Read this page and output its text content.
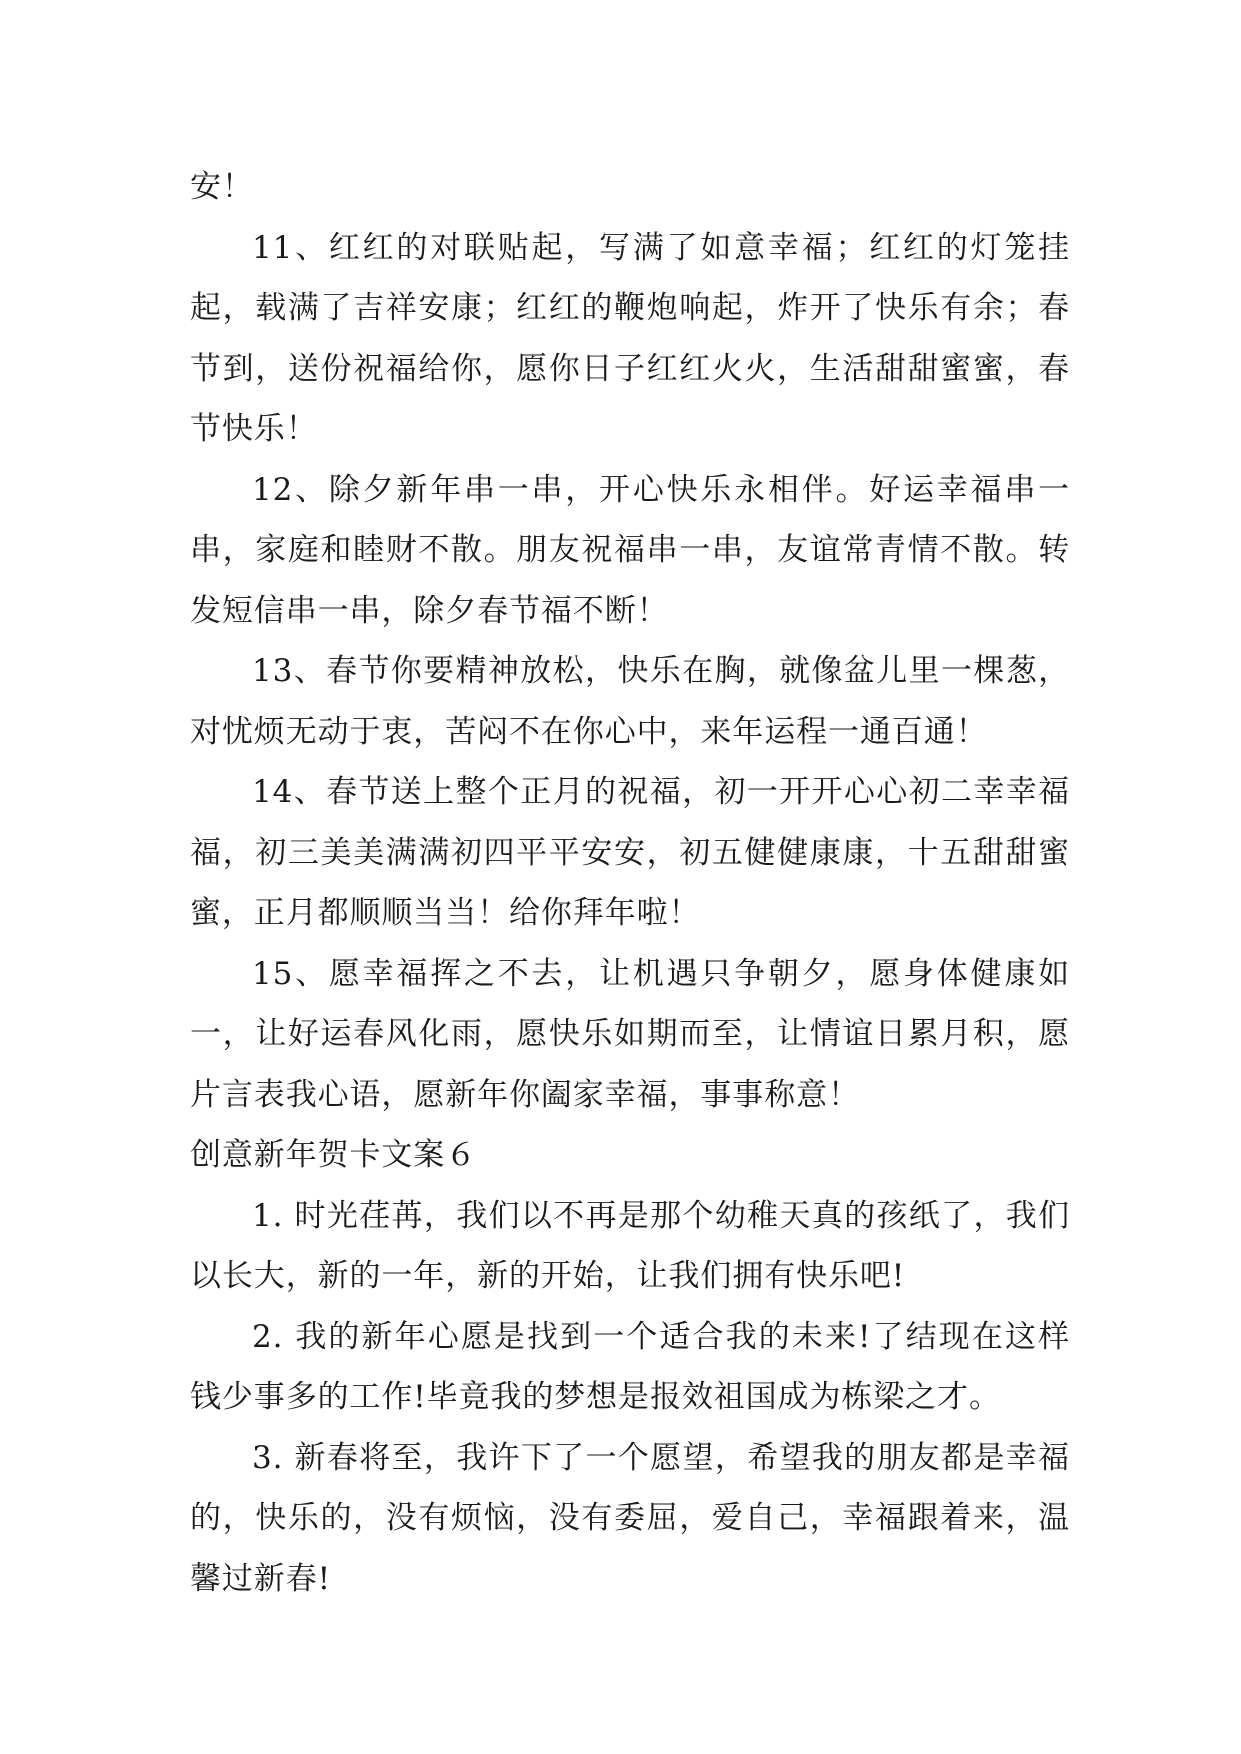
安！

11、红红的对联贴起，写满了如意幸福；红红的灯笼挂起，载满了吉祥安康；红红的鞭炮响起，炸开了快乐有余；春节到，送份祝福给你，愿你日子红红火火，生活甜甜蜜蜜，春节快乐！

12、除夕新年串一串，开心快乐永相伴。好运幸福串一串，家庭和睦财不散。朋友祝福串一串，友谊常青情不散。转发短信串一串，除夕春节福不断！

13、春节你要精神放松，快乐在胸，就像盆儿里一棵葱，对忧烦无动于衷，苦闷不在你心中，来年运程一通百通！

14、春节送上整个正月的祝福，初一开开心心初二幸幸福福，初三美美满满初四平平安安，初五健健康康，十五甜甜蜜蜜，正月都顺顺当当！给你拜年啦！

15、愿幸福挥之不去，让机遇只争朝夕，愿身体健康如一，让好运春风化雨，愿快乐如期而至，让情谊日累月积，愿片言表我心语，愿新年你阖家幸福，事事称意！

创意新年贺卡文案６

1. 时光荏苒，我们以不再是那个幼稚天真的孩纸了，我们以长大，新的一年，新的开始，让我们拥有快乐吧!

2. 我的新年心愿是找到一个适合我的未来!了结现在这样钱少事多的工作!毕竟我的梦想是报效祖国成为栋梁之才。

3. 新春将至，我许下了一个愿望，希望我的朋友都是幸福的，快乐的，没有烦恼，没有委屈，爱自己，幸福跟着来，温馨过新春!
